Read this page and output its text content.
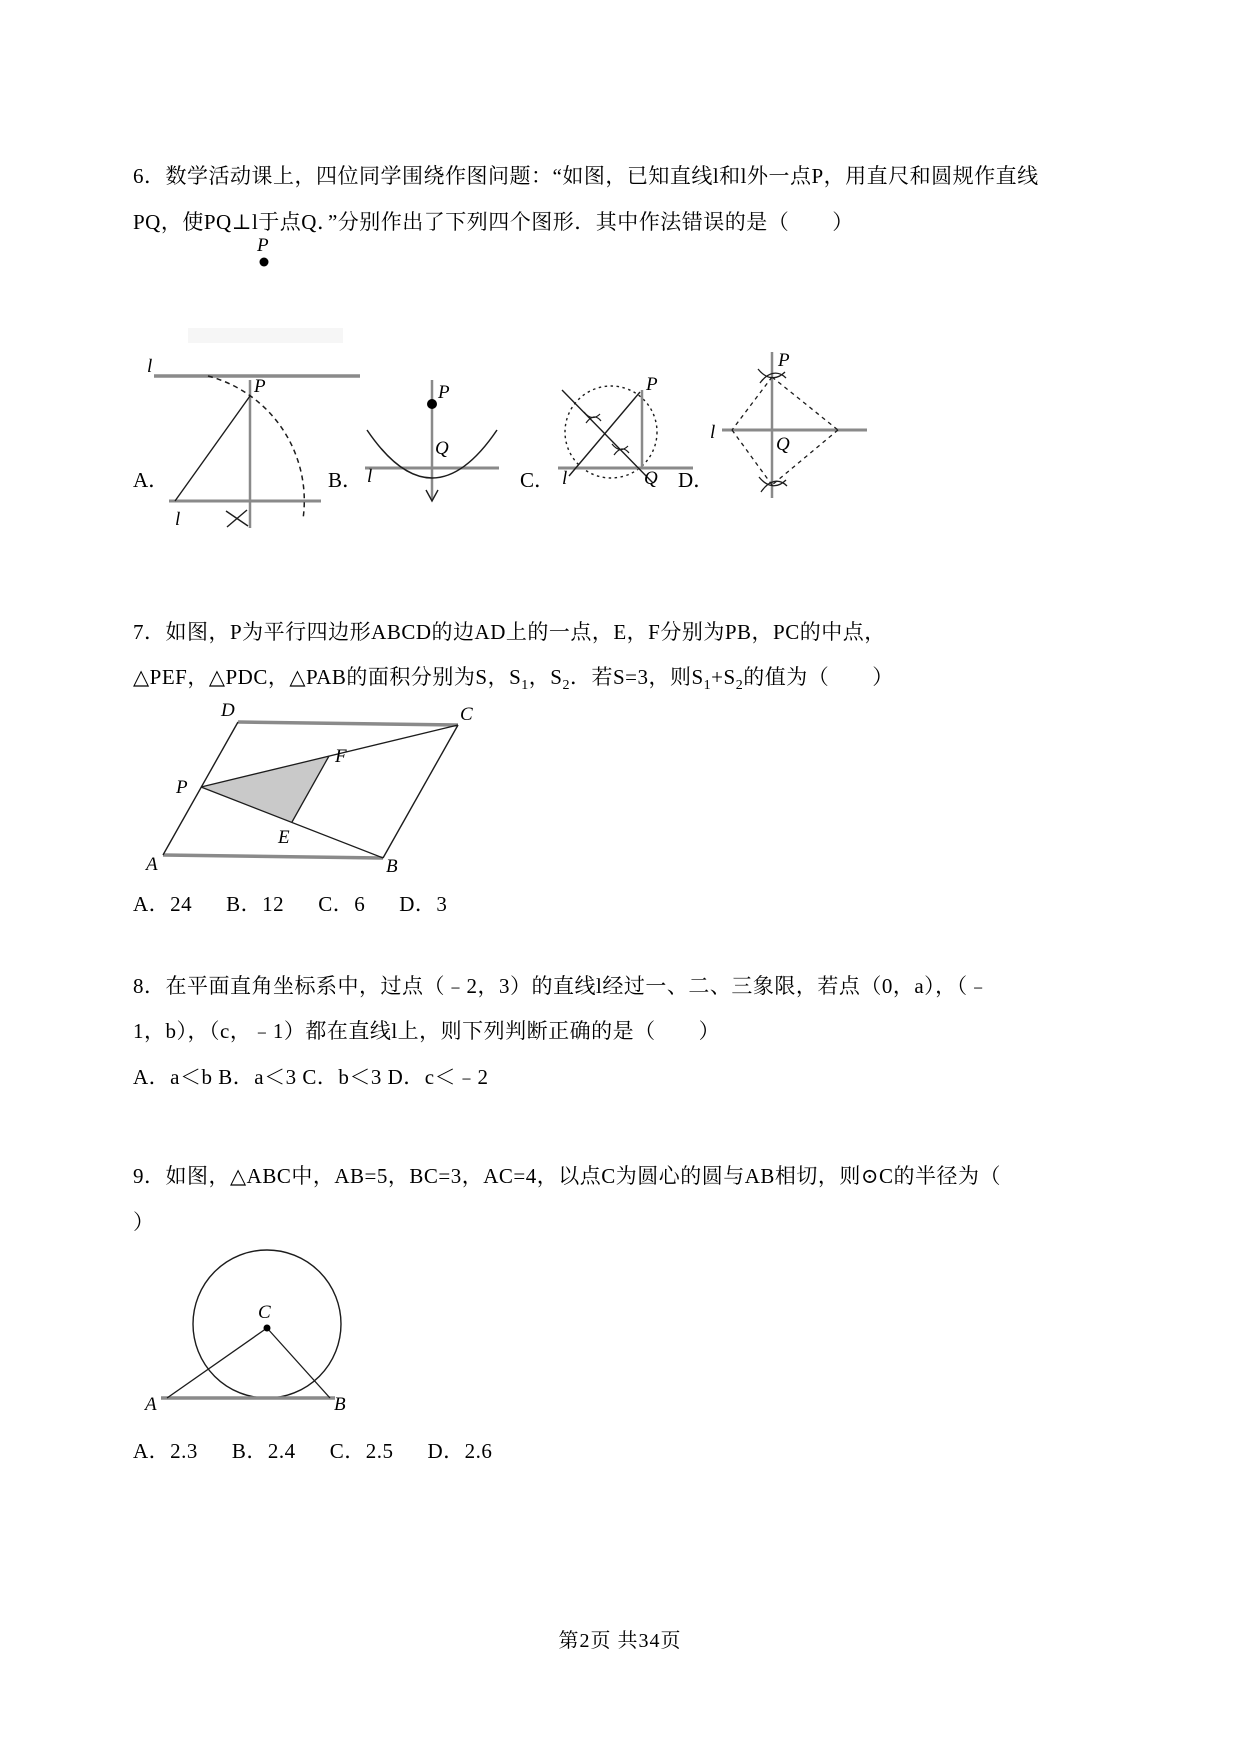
6．数学活动课上，四位同学围绕作图问题：“如图，已知直线l和l外一点P，用直尺和圆规作直线

PQ，使PQ⊥l于点Q．”分别作出了下列四个图形．其中作法错误的是（　　）

P
l
A．
P
l
B．
P
Q
l	C．
P
Q
l	D．
P
l
Q

7．如图，P为平行四边形ABCD的边AD上的一点，E，F分别为PB，PC的中点，

△PEF，△PDC，△PAB的面积分别为S，$S_1$，$S_2$．若S=3，则$S_1+S_2$的值为（　　）

D	C
P
F
E
A	B

A．24 B．12 C．6 D．3

8．在平面直角坐标系中，过点（﹣2，3）的直线l经过一、二、三象限，若点（0，a），（﹣

1，b），（c，﹣1）都在直线l上，则下列判断正确的是（　　）

A．a＜b B．a＜3 C．b＜3 D．c＜﹣2

9．如图，△ABC中，AB=5，BC=3，AC=4，以点C为圆心的圆与AB相切，则⊙C的半径为（

）

C
A	B

A．2.3 B．2.4 C．2.5 D．2.6

第2页 共34页
